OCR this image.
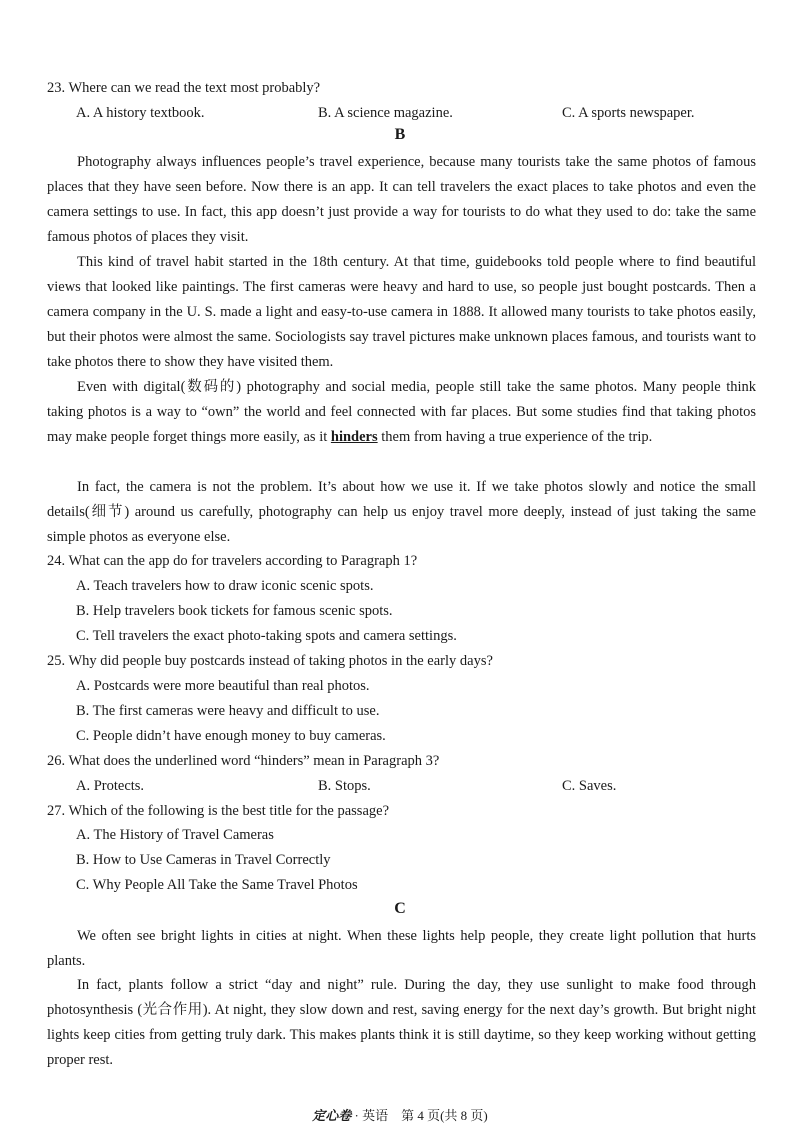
23. Where can we read the text most probably?
A. A history textbook.	B. A science magazine.	C. A sports newspaper.
B
Photography always influences people’s travel experience, because many tourists take the same photos of famous places that they have seen before. Now there is an app. It can tell travelers the exact places to take photos and even the camera settings to use. In fact, this app doesn’t just provide a way for tourists to do what they used to do: take the same famous photos of places they visit.
This kind of travel habit started in the 18th century. At that time, guidebooks told people where to find beautiful views that looked like paintings. The first cameras were heavy and hard to use, so people just bought postcards. Then a camera company in the U. S. made a light and easy-to-use camera in 1888. It allowed many tourists to take photos easily, but their photos were almost the same. Sociologists say travel pictures make unknown places famous, and tourists want to take photos there to show they have visited them.
Even with digital(数码的) photography and social media, people still take the same photos. Many people think taking photos is a way to “own” the world and feel connected with far places. But some studies find that taking photos may make people forget things more easily, as it hinders them from having a true experience of the trip.
In fact, the camera is not the problem. It’s about how we use it. If we take photos slowly and notice the small details(细节) around us carefully, photography can help us enjoy travel more deeply, instead of just taking the same simple photos as everyone else.
24. What can the app do for travelers according to Paragraph 1?
A. Teach travelers how to draw iconic scenic spots.
B. Help travelers book tickets for famous scenic spots.
C. Tell travelers the exact photo-taking spots and camera settings.
25. Why did people buy postcards instead of taking photos in the early days?
A. Postcards were more beautiful than real photos.
B. The first cameras were heavy and difficult to use.
C. People didn’t have enough money to buy cameras.
26. What does the underlined word “hinders” mean in Paragraph 3?
A. Protects.	B. Stops.	C. Saves.
27. Which of the following is the best title for the passage?
A. The History of Travel Cameras
B. How to Use Cameras in Travel Correctly
C. Why People All Take the Same Travel Photos
C
We often see bright lights in cities at night. When these lights help people, they create light pollution that hurts plants.
In fact, plants follow a strict “day and night” rule. During the day, they use sunlight to make food through photosynthesis (光合作用). At night, they slow down and rest, saving energy for the next day’s growth. But bright night lights keep cities from getting truly dark. This makes plants think it is still daytime, so they keep working without getting proper rest.
定心卷 · 英语　第 4 页(共 8 页)
